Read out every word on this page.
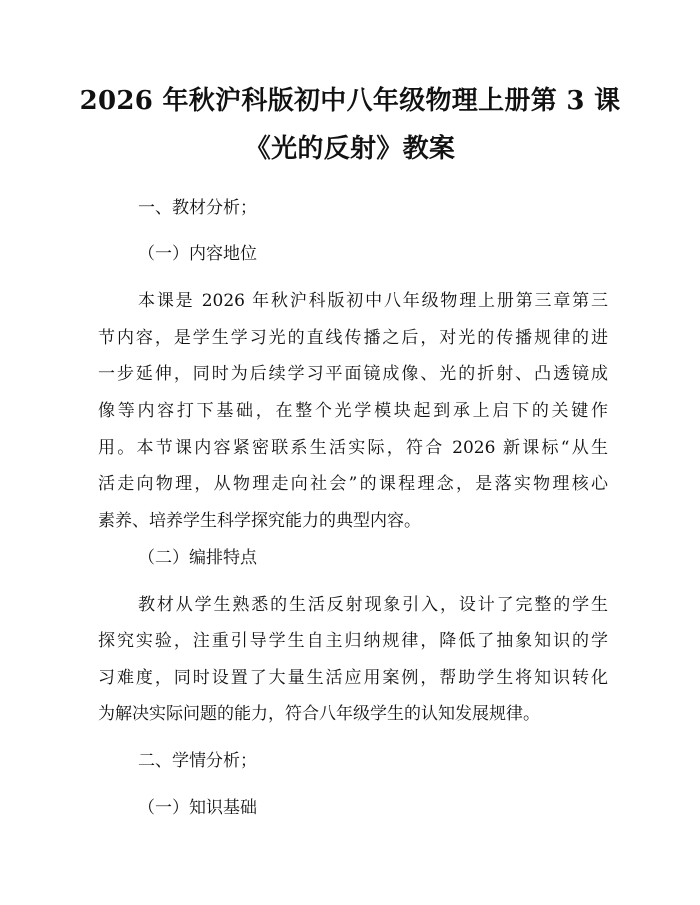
2026 年秋沪科版初中八年级物理上册第 3 课
《光的反射》教案
一、教材分析；
（一）内容地位
本课是 2026 年秋沪科版初中八年级物理上册第三章第三
节内容，是学生学习光的直线传播之后，对光的传播规律的进
一步延伸，同时为后续学习平面镜成像、光的折射、凸透镜成
像等内容打下基础，在整个光学模块起到承上启下的关键作
用。本节课内容紧密联系生活实际，符合 2026 新课标“从生
活走向物理，从物理走向社会”的课程理念，是落实物理核心
素养、培养学生科学探究能力的典型内容。
（二）编排特点
教材从学生熟悉的生活反射现象引入，设计了完整的学生
探究实验，注重引导学生自主归纳规律，降低了抽象知识的学
习难度，同时设置了大量生活应用案例，帮助学生将知识转化
为解决实际问题的能力，符合八年级学生的认知发展规律。
二、学情分析；
（一）知识基础
